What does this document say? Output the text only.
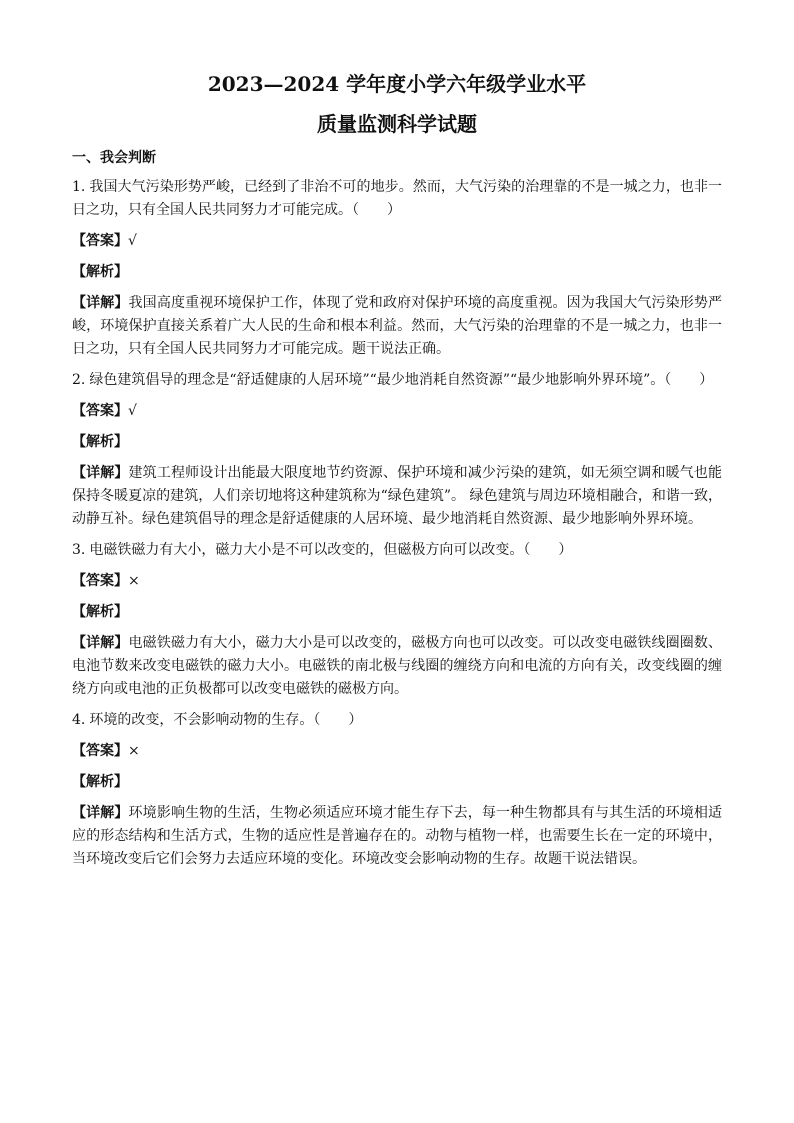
2023—2024 学年度小学六年级学业水平
质量监测科学试题

一、我会判断

1. 我国大气污染形势严峻，已经到了非治不可的地步。然而，大气污染的治理靠的不是一城之力，也非一日之功，只有全国人民共同努力才可能完成。（　　）

【答案】√

【解析】

【详解】我国高度重视环境保护工作，体现了党和政府对保护环境的高度重视。因为我国大气污染形势严峻，环境保护直接关系着广大人民的生命和根本利益。然而，大气污染的治理靠的不是一城之力，也非一日之功，只有全国人民共同努力才可能完成。题干说法正确。

2. 绿色建筑倡导的理念是“舒适健康的人居环境”“最少地消耗自然资源”“最少地影响外界环境”。（　　）

【答案】√

【解析】

【详解】建筑工程师设计出能最大限度地节约资源、保护环境和减少污染的建筑，如无须空调和暖气也能保持冬暖夏凉的建筑，人们亲切地将这种建筑称为“绿色建筑”。 绿色建筑与周边环境相融合，和谐一致，动静互补。绿色建筑倡导的理念是舒适健康的人居环境、最少地消耗自然资源、最少地影响外界环境。

3. 电磁铁磁力有大小，磁力大小是不可以改变的，但磁极方向可以改变。（　　）

【答案】×

【解析】

【详解】电磁铁磁力有大小，磁力大小是可以改变的，磁极方向也可以改变。可以改变电磁铁线圈圈数、电池节数来改变电磁铁的磁力大小。电磁铁的南北极与线圈的缠绕方向和电流的方向有关，改变线圈的缠绕方向或电池的正负极都可以改变电磁铁的磁极方向。

4. 环境的改变，不会影响动物的生存。（　　）

【答案】×

【解析】

【详解】环境影响生物的生活，生物必须适应环境才能生存下去，每一种生物都具有与其生活的环境相适应的形态结构和生活方式，生物的适应性是普遍存在的。动物与植物一样，也需要生长在一定的环境中，当环境改变后它们会努力去适应环境的变化。环境改变会影响动物的生存。故题干说法错误。
